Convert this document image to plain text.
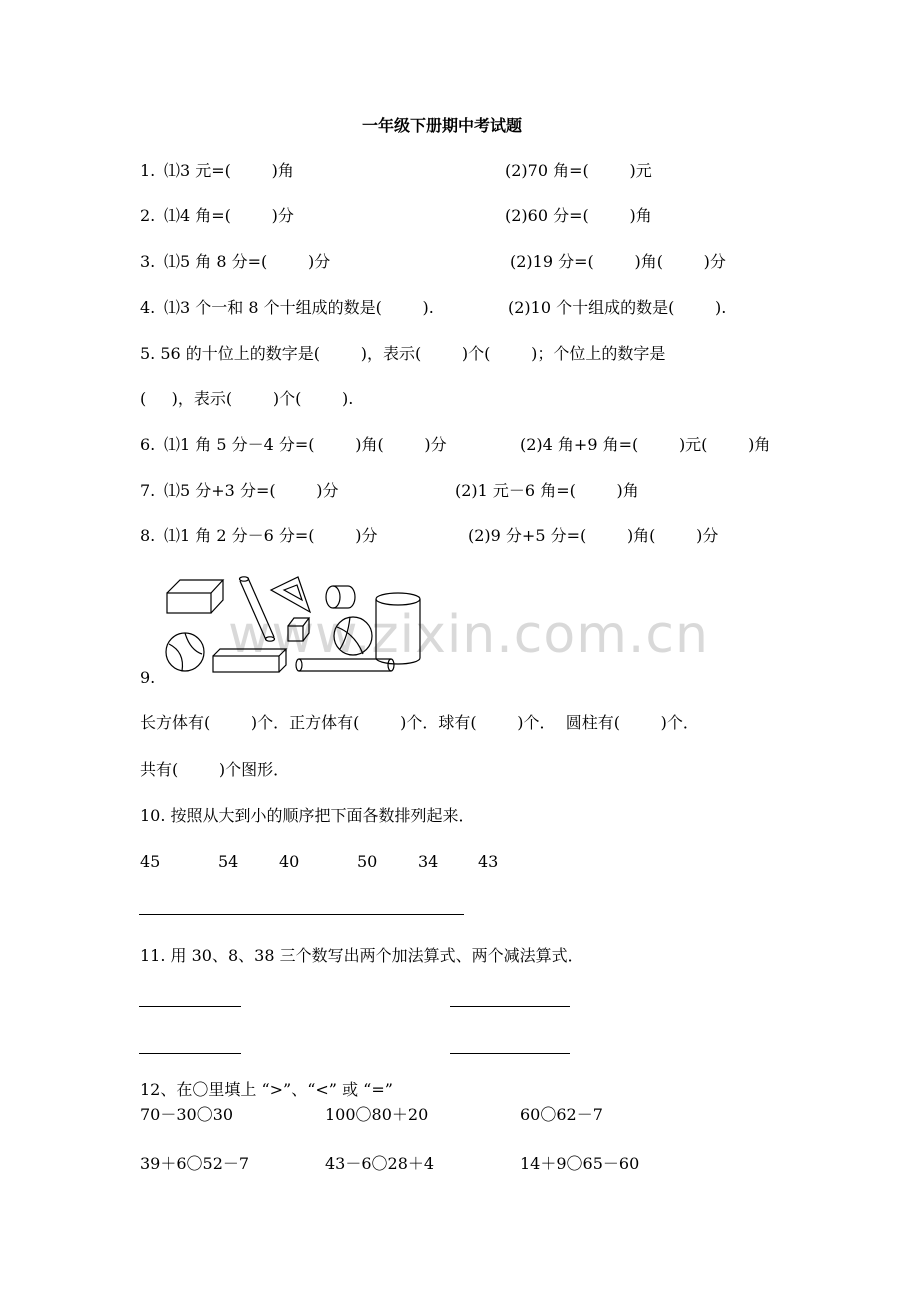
www.zixin.com.cn
一年级下册期中考试题
1. ⑴3 元=(        )角	(2)70 角=(        )元
2. ⑴4 角=(        )分	(2)60 分=(        )角
3. ⑴5 角 8 分=(        )分	(2)19 分=(        )角(        )分
4. ⑴3 个一和 8 个十组成的数是(        ).	(2)10 个十组成的数是(        ).
5. 56 的十位上的数字是(        )，表示(        )个(        )；个位上的数字是
(     )，表示(        )个(        ).
6. ⑴1 角 5 分－4 分=(        )角(        )分	(2)4 角+9 角=(        )元(        )角
7. ⑴5 分+3 分=(        )分	(2)1 元－6 角=(        )角
8. ⑴1 角 2 分－6 分=(        )分	(2)9 分+5 分=(        )角(        )分
9.
长方体有(        )个．正方体有(        )个．球有(        )个．  圆柱有(        )个．
共有(        )个图形．
10. 按照从大到小的顺序把下面各数排列起来．
45	54	40	50	34 43
11. 用 30、8、38 三个数写出两个加法算式、两个减法算式．
12、在〇里填上 “>”、“<” 或 “=”
70－30〇30	100〇80＋20	60〇62－7
39＋6〇52－7	43－6〇28＋4	14＋9〇65－60
